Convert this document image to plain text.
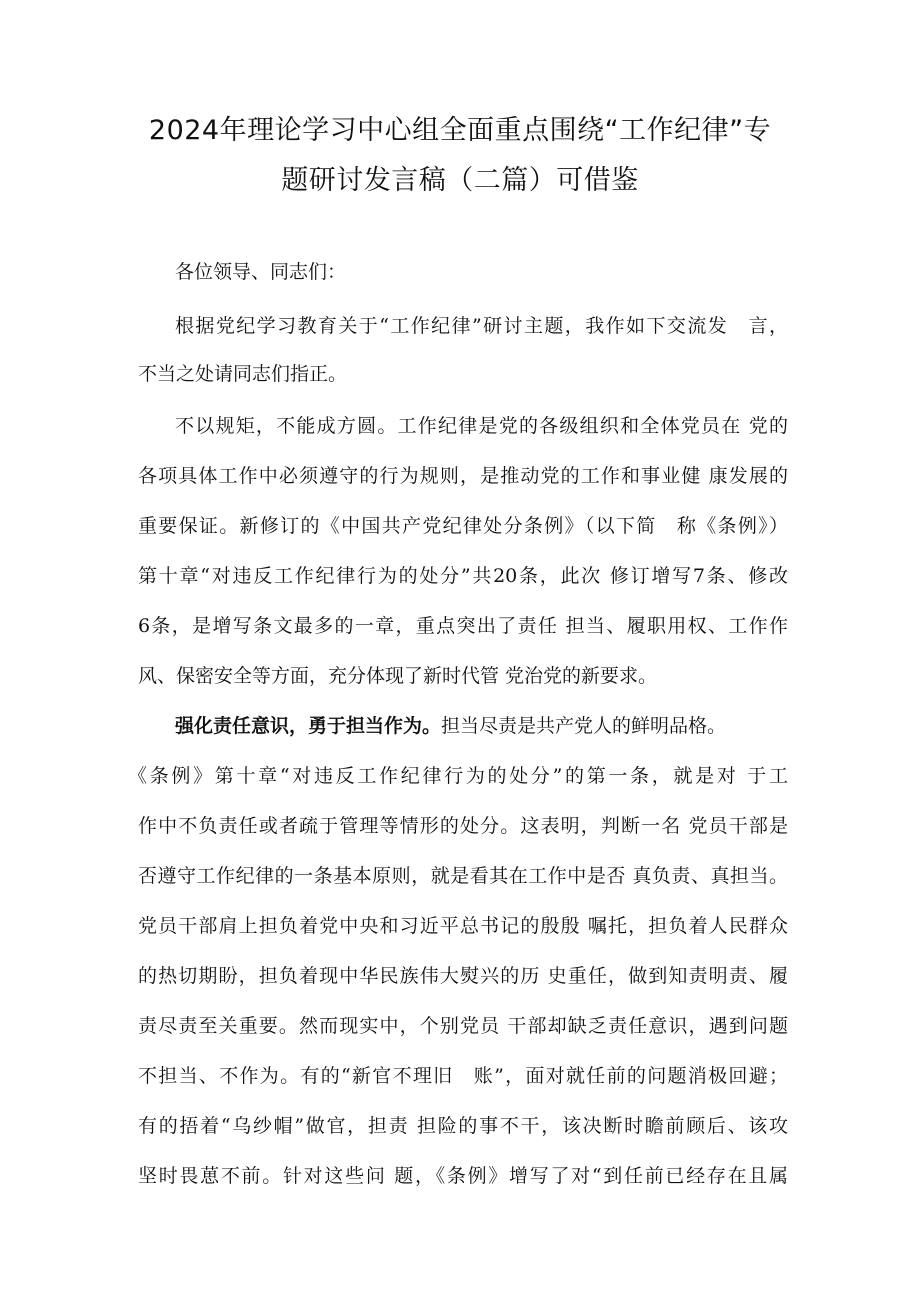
2024年理论学习中心组全面重点围绕“工作纪律”专
题研讨发言稿（二篇）可借鉴
各位领导、同志们：
根据党纪学习教育关于“工作纪律”研讨主题，我作如下交流发　言，
不当之处请同志们指正。
不以规矩，不能成方圆。工作纪律是党的各级组织和全体党员在 党的
各项具体工作中必须遵守的行为规则，是推动党的工作和事业健 康发展的
重要保证。新修订的《中国共产党纪律处分条例》（以下简　称《条例》）
第十章“对违反工作纪律行为的处分”共20条，此次 修订增写7条、修改
6条，是增写条文最多的一章，重点突出了责任 担当、履职用权、工作作
风、保密安全等方面，充分体现了新时代管 党治党的新要求。
强化责任意识，勇于担当作为。担当尽责是共产党人的鲜明品格。
《条例》第十章“对违反工作纪律行为的处分”的第一条，就是对 于工
作中不负责任或者疏于管理等情形的处分。这表明，判断一名 党员干部是
否遵守工作纪律的一条基本原则，就是看其在工作中是否 真负责、真担当。
党员干部肩上担负着党中央和习近平总书记的殷殷 嘱托，担负着人民群众
的热切期盼，担负着现中华民族伟大熨兴的历 史重任，做到知责明责、履
责尽责至关重要。然而现实中，个别党员 干部却缺乏责任意识，遇到问题
不担当、不作为。有的“新官不理旧　账”，面对就任前的问题消极回避；
有的捂着“乌纱帽”做官，担责 担险的事不干，该决断时瞻前顾后、该攻
坚时畏葸不前。针对这些问 题，《条例》增写了对“到任前已经存在且属
